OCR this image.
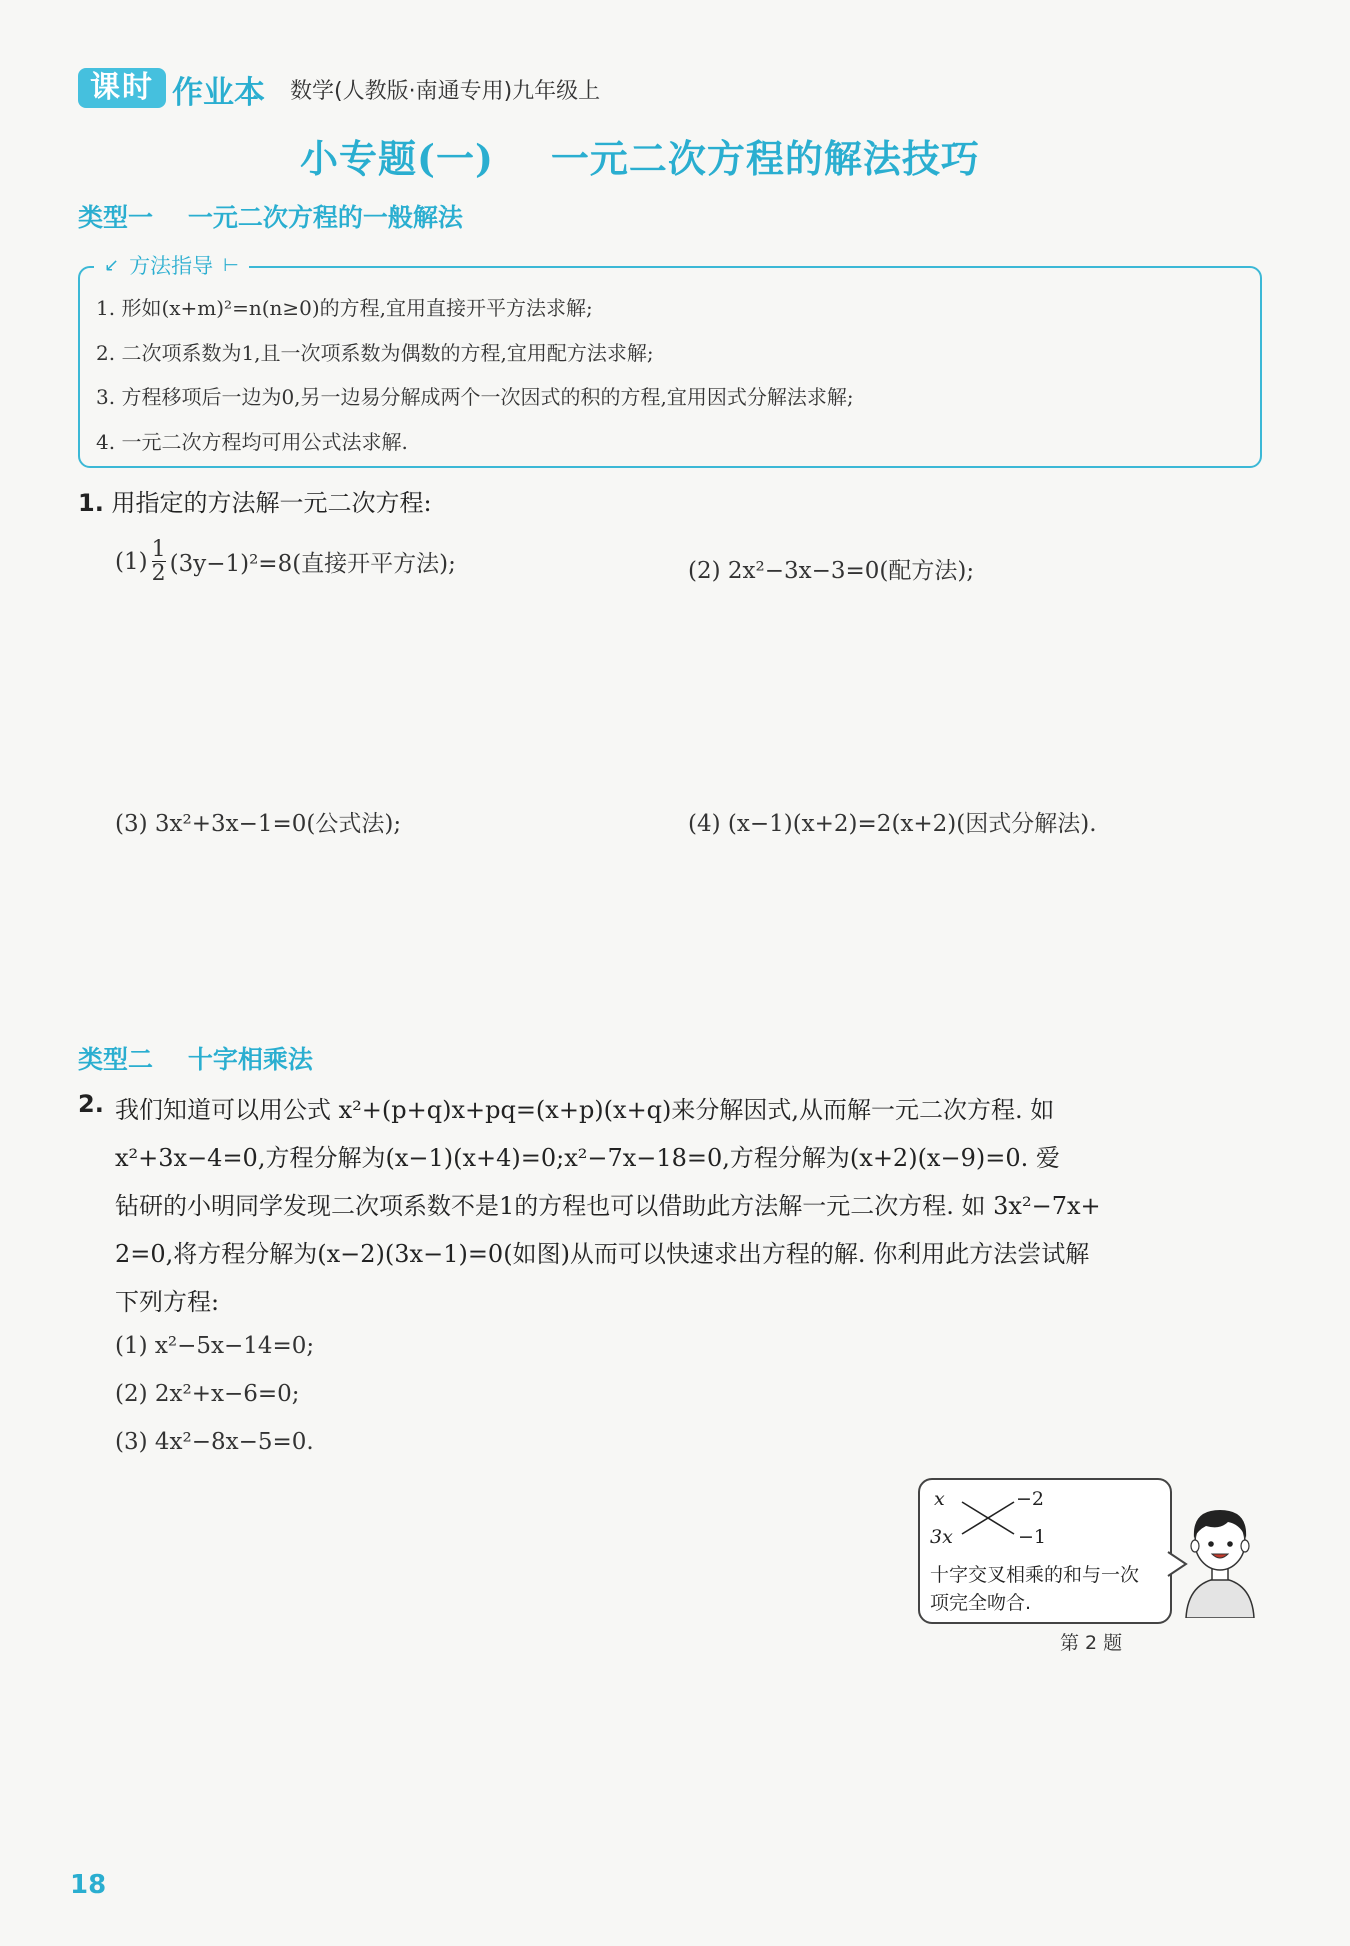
课时 作业本 数学(人教版·南通专用)九年级上
小专题(一)    一元二次方程的解法技巧
类型一    一元二次方程的一般解法
↙ 方法指导 ⊢
1. 形如(x+m)²=n(n≥0)的方程,宜用直接开平方法求解;
2. 二次项系数为1,且一次项系数为偶数的方程,宜用配方法求解;
3. 方程移项后一边为0,另一边易分解成两个一次因式的积的方程,宜用因式分解法求解;
4. 一元二次方程均可用公式法求解.
1. 用指定的方法解一元二次方程:
$(1) \frac{1}{2} (3y-1)^2=8$(直接开平方法);	(2) 2x²−3x−3=0(配方法);
(3) 3x²+3x−1=0(公式法);	(4) (x−1)(x+2)=2(x+2)(因式分解法).
类型二    十字相乘法
2. 我们知道可以用公式 x²+(p+q)x+pq=(x+p)(x+q)来分解因式,从而解一元二次方程. 如
x²+3x−4=0,方程分解为(x−1)(x+4)=0;x²−7x−18=0,方程分解为(x+2)(x−9)=0. 爱
钻研的小明同学发现二次项系数不是1的方程也可以借助此方法解一元二次方程. 如 3x²−7x+
2=0,将方程分解为(x−2)(3x−1)=0(如图)从而可以快速求出方程的解. 你利用此方法尝试解
下列方程:
(1) x²−5x−14=0;
(2) 2x²+x−6=0;
(3) 4x²−8x−5=0.
x	−2
3x	−1
十字交叉相乘的和与一次
项完全吻合.
第 2 题
18
